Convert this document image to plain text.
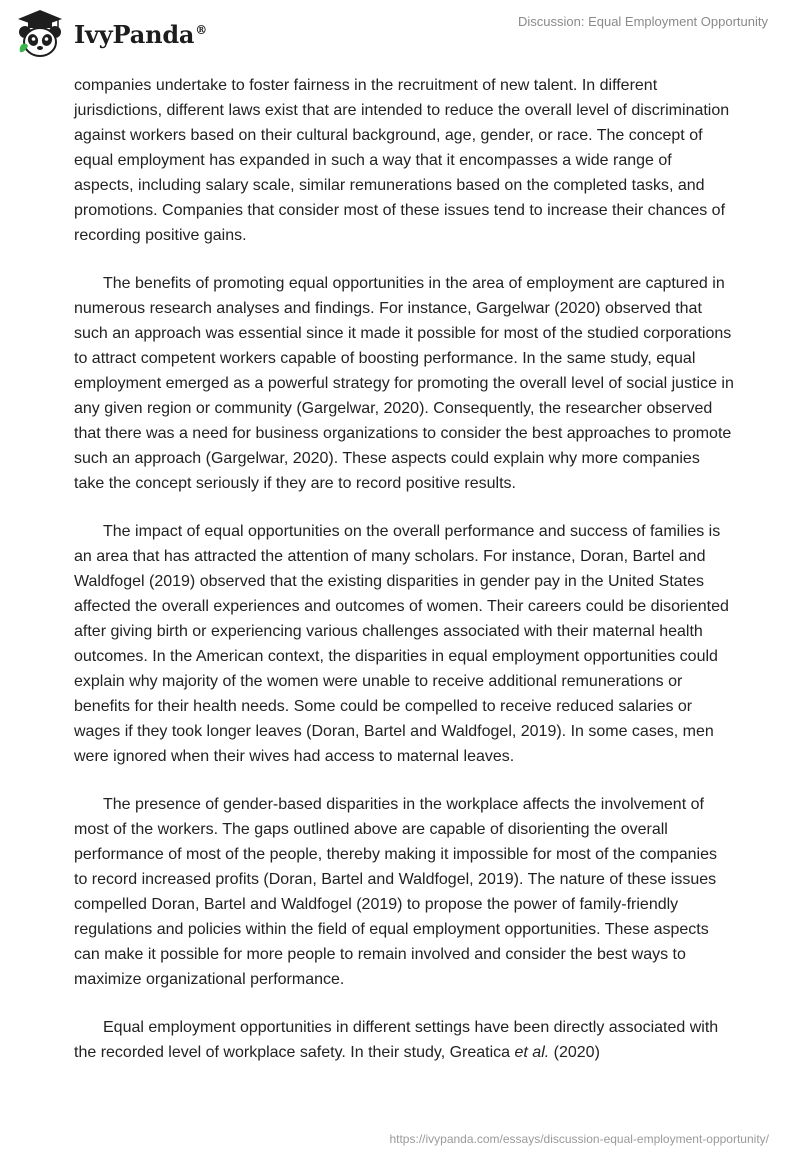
IvyPanda®
Discussion: Equal Employment Opportunity

companies undertake to foster fairness in the recruitment of new talent. In different jurisdictions, different laws exist that are intended to reduce the overall level of discrimination against workers based on their cultural background, age, gender, or race. The concept of equal employment has expanded in such a way that it encompasses a wide range of aspects, including salary scale, similar remunerations based on the completed tasks, and promotions. Companies that consider most of these issues tend to increase their chances of recording positive gains.

The benefits of promoting equal opportunities in the area of employment are captured in numerous research analyses and findings. For instance, Gargelwar (2020) observed that such an approach was essential since it made it possible for most of the studied corporations to attract competent workers capable of boosting performance. In the same study, equal employment emerged as a powerful strategy for promoting the overall level of social justice in any given region or community (Gargelwar, 2020). Consequently, the researcher observed that there was a need for business organizations to consider the best approaches to promote such an approach (Gargelwar, 2020). These aspects could explain why more companies take the concept seriously if they are to record positive results.

The impact of equal opportunities on the overall performance and success of families is an area that has attracted the attention of many scholars. For instance, Doran, Bartel and Waldfogel (2019) observed that the existing disparities in gender pay in the United States affected the overall experiences and outcomes of women. Their careers could be disoriented after giving birth or experiencing various challenges associated with their maternal health outcomes. In the American context, the disparities in equal employment opportunities could explain why majority of the women were unable to receive additional remunerations or benefits for their health needs. Some could be compelled to receive reduced salaries or wages if they took longer leaves (Doran, Bartel and Waldfogel, 2019). In some cases, men were ignored when their wives had access to maternal leaves.

The presence of gender-based disparities in the workplace affects the involvement of most of the workers. The gaps outlined above are capable of disorienting the overall performance of most of the people, thereby making it impossible for most of the companies to record increased profits (Doran, Bartel and Waldfogel, 2019). The nature of these issues compelled Doran, Bartel and Waldfogel (2019) to propose the power of family-friendly regulations and policies within the field of equal employment opportunities. These aspects can make it possible for more people to remain involved and consider the best ways to maximize organizational performance.

Equal employment opportunities in different settings have been directly associated with the recorded level of workplace safety. In their study, Greatica et al. (2020)

https://ivypanda.com/essays/discussion-equal-employment-opportunity/
